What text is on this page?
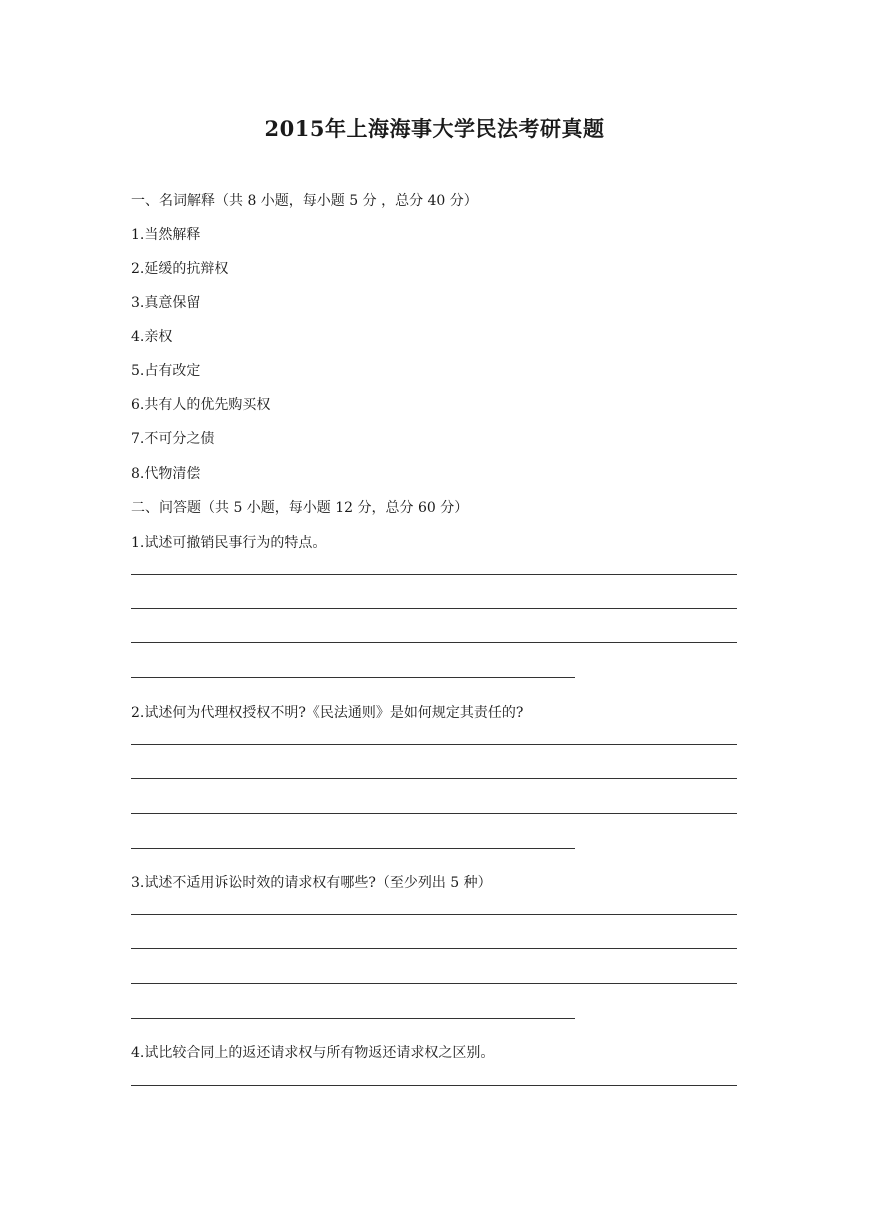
2015年上海海事大学民法考研真题
一、名词解释（共 8 小题，每小题 5 分 ，总分 40 分）
1.当然解释
2.延缓的抗辩权
3.真意保留
4.亲权
5.占有改定
6.共有人的优先购买权
7.不可分之债
8.代物清偿
二、问答题（共 5 小题，每小题 12 分，总分 60 分）
1.试述可撤销民事行为的特点。
2.试述何为代理权授权不明?《民法通则》是如何规定其责任的?
3.试述不适用诉讼时效的请求权有哪些?（至少列出 5 种）
4.试比较合同上的返还请求权与所有物返还请求权之区别。
